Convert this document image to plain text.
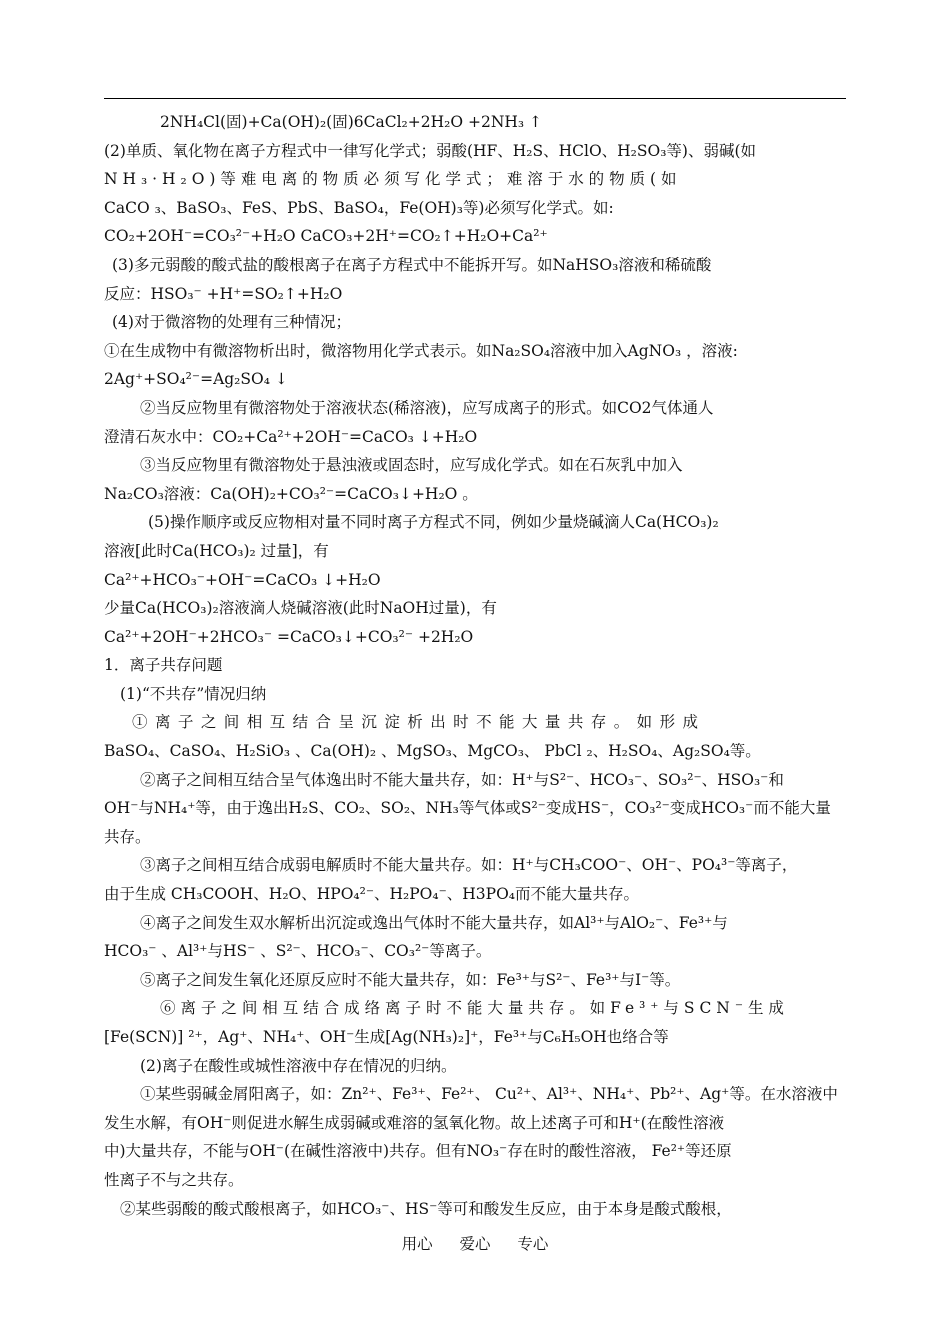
2NH₄Cl(固)+Ca(OH)₂(固)6CaCl₂+2H₂O +2NH₃ ↑
(2)单质、氧化物在离子方程式中一律写化学式；弱酸(HF、H₂S、HClO、H₂SO₃等)、弱碱(如
NH₃·H₂O)等难电离的物质必须写化学式；难溶于水的物质(如
CaCO ₃、BaSO₃、FeS、PbS、BaSO₄，Fe(OH)₃等)必须写化学式。如:
CO₂+2OH⁻=CO₃²⁻+H₂O CaCO₃+2H⁺=CO₂↑+H₂O+Ca²⁺
(3)多元弱酸的酸式盐的酸根离子在离子方程式中不能拆开写。如NaHSO₃溶液和稀硫酸
反应：HSO₃⁻ +H⁺=SO₂↑+H₂O
(4)对于微溶物的处理有三种情况；
①在生成物中有微溶物析出时，微溶物用化学式表示。如Na₂SO₄溶液中加入AgNO₃ ，溶液:
2Ag⁺+SO₄²⁻=Ag₂SO₄ ↓
②当反应物里有微溶物处于溶液状态(稀溶液)，应写成离子的形式。如CO2气体通人
澄清石灰水中：CO₂+Ca²⁺+2OH⁻=CaCO₃ ↓+H₂O
③当反应物里有微溶物处于悬浊液或固态时，应写成化学式。如在石灰乳中加入
Na₂CO₃溶液：Ca(OH)₂+CO₃²⁻=CaCO₃↓+H₂O 。
(5)操作顺序或反应物相对量不同时离子方程式不同，例如少量烧碱滴人Ca(HCO₃)₂
溶液[此时Ca(HCO₃)₂ 过量]，有
Ca²⁺+HCO₃⁻+OH⁻=CaCO₃ ↓+H₂O
少量Ca(HCO₃)₂溶液滴人烧碱溶液(此时NaOH过量)，有
Ca²⁺+2OH⁻+2HCO₃⁻ =CaCO₃↓+CO₃²⁻ +2H₂O
1．离子共存问题
(1)“不共存”情况归纳
①离子之间相互结合呈沉淀析出时不能大量共存。如形成
BaSO₄、CaSO₄、H₂SiO₃ 、Ca(OH)₂ 、MgSO₃、MgCO₃、 PbCl ₂、H₂SO₄、Ag₂SO₄等。
②离子之间相互结合呈气体逸出时不能大量共存，如：H⁺与S²⁻、HCO₃⁻、SO₃²⁻、HSO₃⁻和
OH⁻与NH₄⁺等，由于逸出H₂S、CO₂、SO₂、NH₃等气体或S²⁻变成HS⁻，CO₃²⁻变成HCO₃⁻而不能大量
共存。
③离子之间相互结合成弱电解质时不能大量共存。如：H⁺与CH₃COO⁻、OH⁻、PO₄³⁻等离子，
由于生成 CH₃COOH、H₂O、HPO₄²⁻、H₂PO₄⁻、H3PO₄而不能大量共存。
④离子之间发生双水解析出沉淀或逸出气体时不能大量共存，如Al³⁺与AlO₂⁻、Fe³⁺与
HCO₃⁻ 、Al³⁺与HS⁻ 、S²⁻、HCO₃⁻、CO₃²⁻等离子。
⑤离子之间发生氧化还原反应时不能大量共存，如：Fe³⁺与S²⁻、Fe³⁺与I⁻等。
⑥离子之间相互结合成络离子时不能大量共存。如Fe³⁺与SCN⁻生成
[Fe(SCN)] ²⁺，Ag⁺、NH₄⁺、OH⁻生成[Ag(NH₃)₂]⁺，Fe³⁺与C₆H₅OH也络合等
(2)离子在酸性或城性溶液中存在情况的归纳。
①某些弱碱金屑阳离子，如：Zn²⁺、Fe³⁺、Fe²⁺、 Cu²⁺、Al³⁺、NH₄⁺、Pb²⁺、Ag⁺等。在水溶液中
发生水解，有OH⁻则促进水解生成弱碱或难溶的氢氧化物。故上述离子可和H⁺(在酸性溶液
中)大量共存，不能与OH⁻(在碱性溶液中)共存。但有NO₃⁻存在时的酸性溶液， Fe²⁺等还原
性离子不与之共存。
②某些弱酸的酸式酸根离子，如HCO₃⁻、HS⁻等可和酸发生反应，由于本身是酸式酸根，
用心 爱心 专心
